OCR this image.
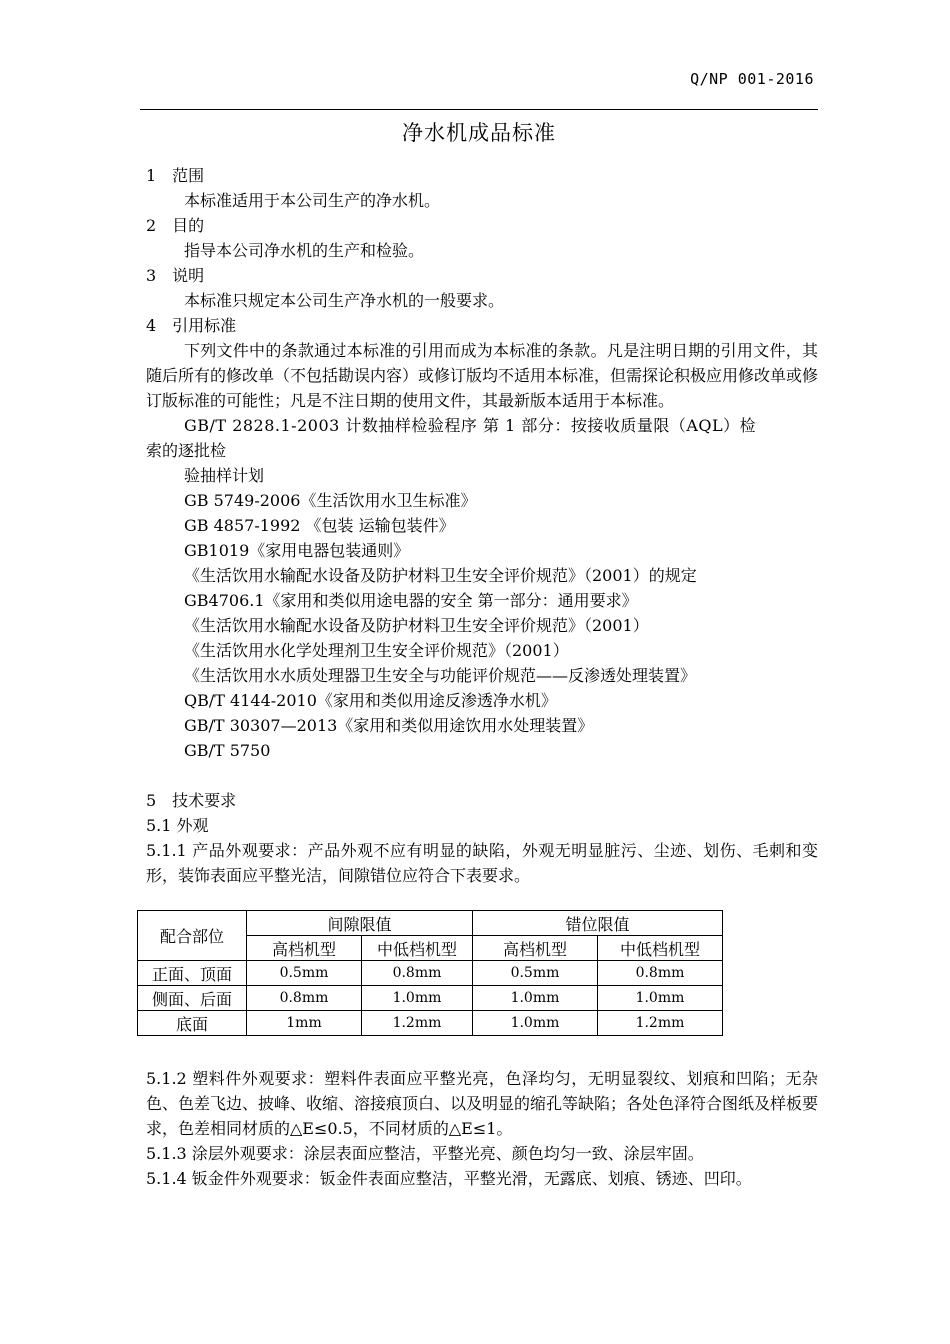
Q/NP 001-2016
净水机成品标准
1　范围
本标准适用于本公司生产的净水机。
2　目的
指导本公司净水机的生产和检验。
3　说明
本标准只规定本公司生产净水机的一般要求。
4　引用标准
下列文件中的条款通过本标准的引用而成为本标准的条款。凡是注明日期的引用文件，其随后所有的修改单（不包括勘误内容）或修订版均不适用本标准，但需探论积极应用修改单或修订版标准的可能性；凡是不注日期的使用文件，其最新版本适用于本标准。
GB/T 2828.1-2003 计数抽样检验程序 第 1 部分：按接收质量限（AQL）检
索的逐批检
验抽样计划
GB 5749-2006《生活饮用水卫生标准》
GB 4857-1992 《包装 运输包装件》
GB1019《家用电器包装通则》
《生活饮用水输配水设备及防护材料卫生安全评价规范》（2001）的规定
GB4706.1《家用和类似用途电器的安全 第一部分：通用要求》
《生活饮用水输配水设备及防护材料卫生安全评价规范》（2001）
《生活饮用水化学处理剂卫生安全评价规范》（2001）
《生活饮用水水质处理器卫生安全与功能评价规范——反渗透处理装置》
QB/T 4144-2010《家用和类似用途反渗透净水机》
GB/T 30307—2013《家用和类似用途饮用水处理装置》
GB/T 5750
5　技术要求
5.1 外观
5.1.1 产品外观要求：产品外观不应有明显的缺陷，外观无明显脏污、尘迹、划伤、毛刺和变形，装饰表面应平整光洁，间隙错位应符合下表要求。
配合部位	间隙限值		错位限值	
	高档机型	中低档机型	高档机型	中低档机型
正面、顶面	0.5mm	0.8mm	0.5mm	0.8mm
侧面、后面	0.8mm	1.0mm	1.0mm	1.0mm
底面	1mm	1.2mm	1.0mm	1.2mm
5.1.2 塑料件外观要求：塑料件表面应平整光亮，色泽均匀，无明显裂纹、划痕和凹陷；无杂色、色差飞边、披峰、收缩、溶接痕顶白、以及明显的缩孔等缺陷；各处色泽符合图纸及样板要求，色差相同材质的△E≤0.5，不同材质的△E≤1。
5.1.3 涂层外观要求：涂层表面应整洁，平整光亮、颜色均匀一致、涂层牢固。
5.1.4 钣金件外观要求：钣金件表面应整洁，平整光滑，无露底、划痕、锈迹、凹印。
